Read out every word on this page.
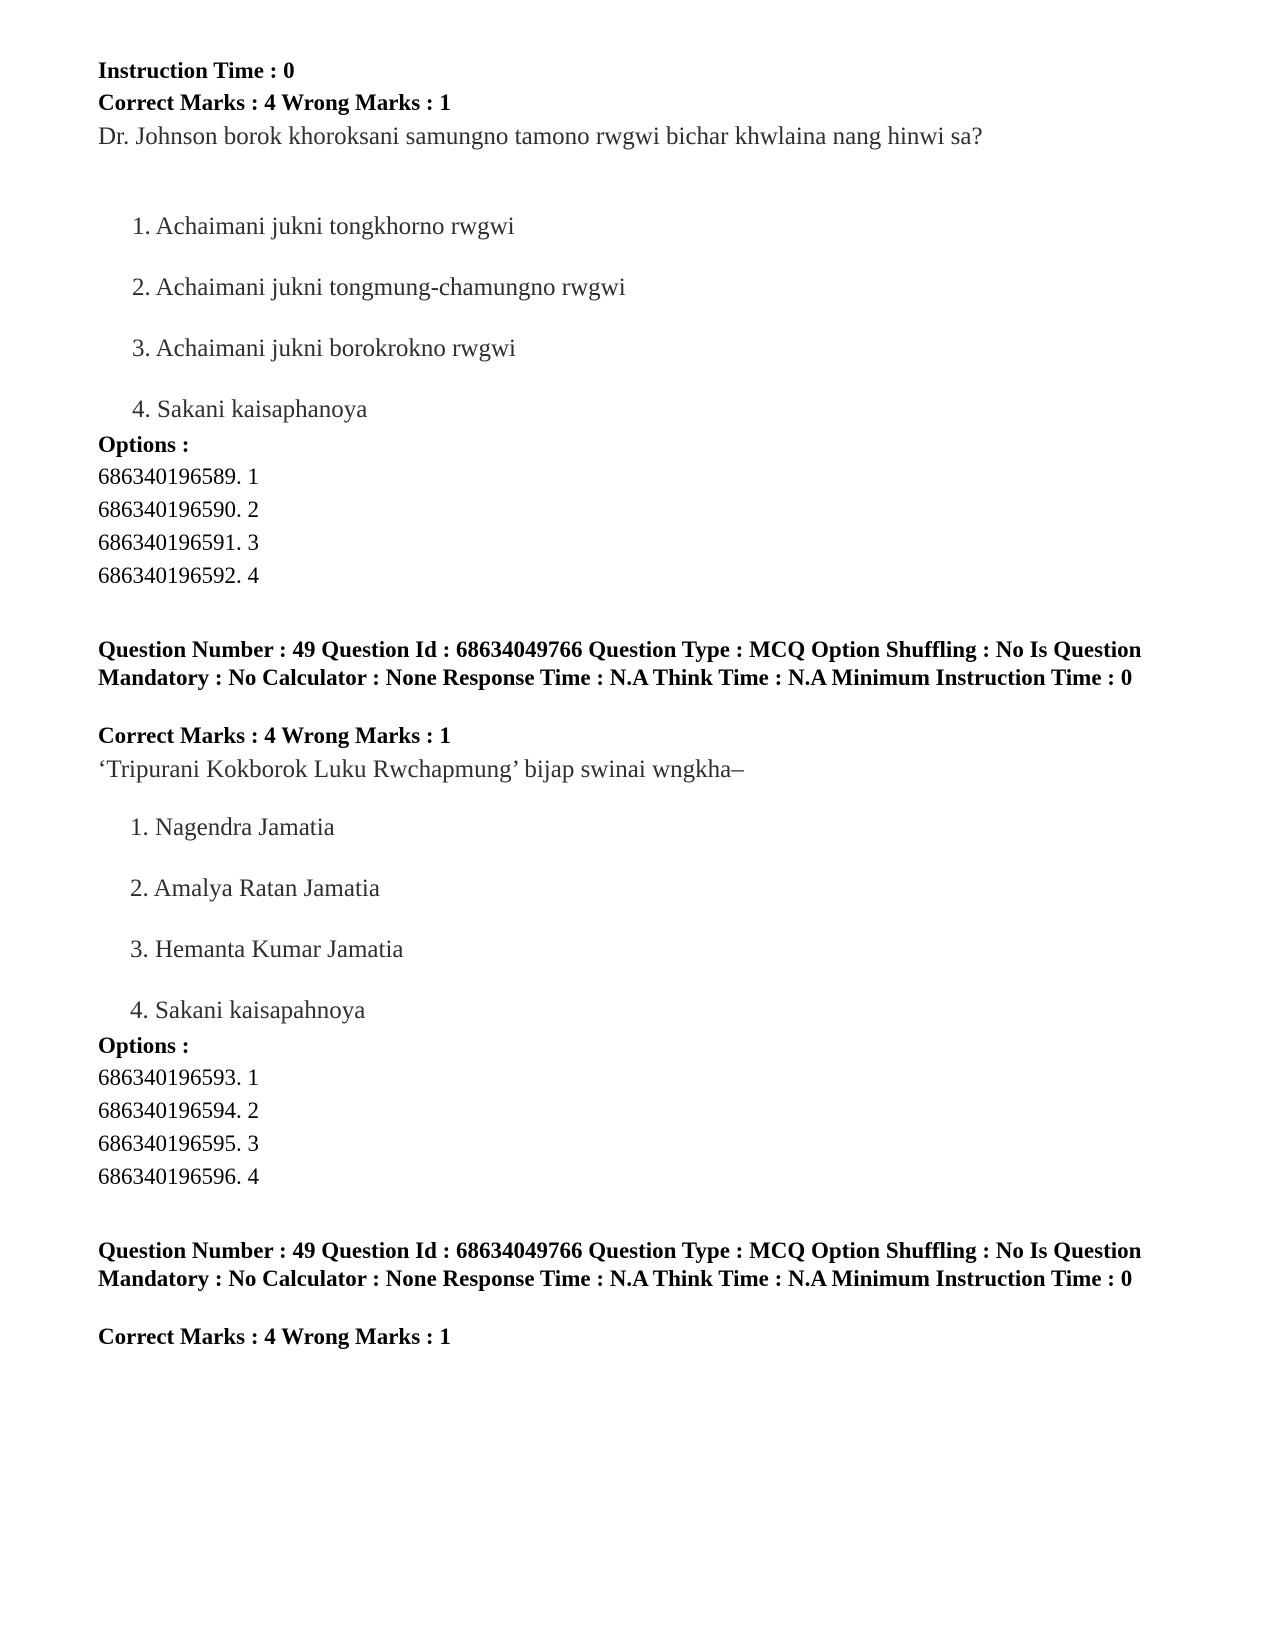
Instruction Time : 0
Correct Marks : 4 Wrong Marks : 1
Dr. Johnson borok khoroksani samungno tamono rwgwi bichar khwlaina nang hinwi sa?
1. Achaimani jukni tongkhorno rwgwi
2. Achaimani jukni tongmung-chamungno rwgwi
3. Achaimani jukni borokrokno rwgwi
4. Sakani kaisaphanoya
Options :
686340196589. 1
686340196590. 2
686340196591. 3
686340196592. 4
Question Number : 49 Question Id : 68634049766 Question Type : MCQ Option Shuffling : No Is Question Mandatory : No Calculator : None Response Time : N.A Think Time : N.A Minimum Instruction Time : 0
Correct Marks : 4 Wrong Marks : 1
‘Tripurani Kokborok Luku Rwchapmung’ bijap swinai wngkha–
1. Nagendra Jamatia
2. Amalya Ratan Jamatia
3. Hemanta Kumar Jamatia
4. Sakani kaisapahnoya
Options :
686340196593. 1
686340196594. 2
686340196595. 3
686340196596. 4
Question Number : 49 Question Id : 68634049766 Question Type : MCQ Option Shuffling : No Is Question Mandatory : No Calculator : None Response Time : N.A Think Time : N.A Minimum Instruction Time : 0
Correct Marks : 4 Wrong Marks : 1
